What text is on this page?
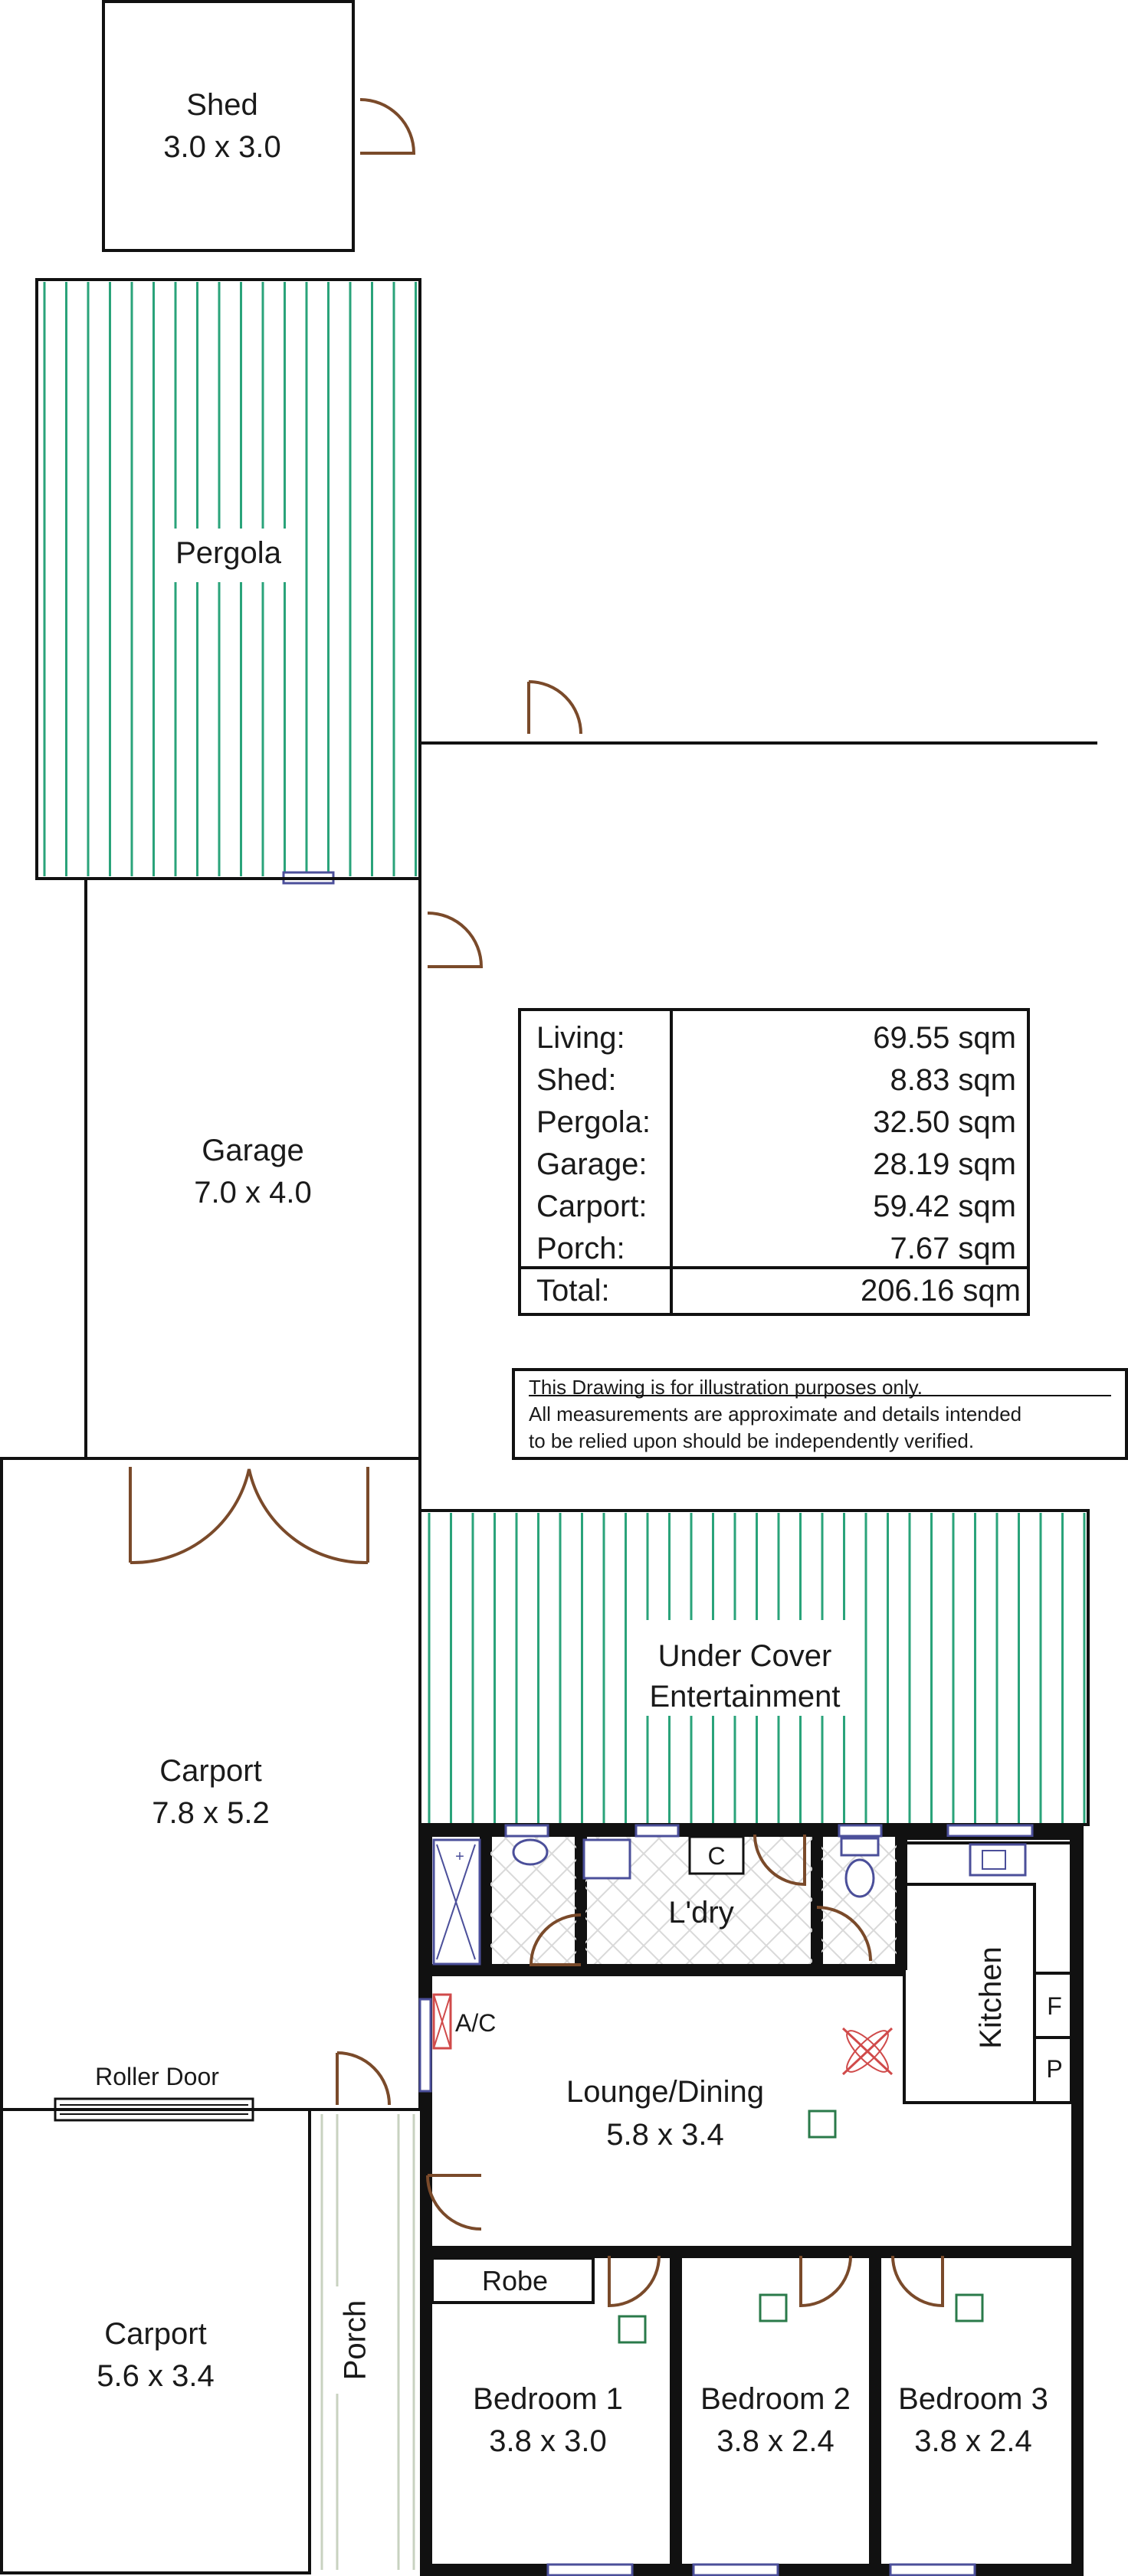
Shed
3.0 x 3.0
Pergola
Garage
7.0 x 4.0
Living:	69.55 sqm
Shed:	8.83 sqm
Pergola:	32.50 sqm
Garage:	28.19 sqm
Carport:	59.42 sqm
Porch:	7.67 sqm
Total:	206.16 sqm
This Drawing is for illustration purposes only.
All measurements are approximate and details intended
to be relied upon should be independently verified.
Carport
7.8 x 5.2
Under Cover
Entertainment
+	C
L'dry
Kitchen F
P
A/C
Lounge/Dining
5.8 x 3.4
Robe
Bedroom 1
3.8 x 3.0
Bedroom 2
3.8 x 2.4
Bedroom 3
3.8 x 2.4
Roller Door
Carport
5.6 x 3.4	Porch
